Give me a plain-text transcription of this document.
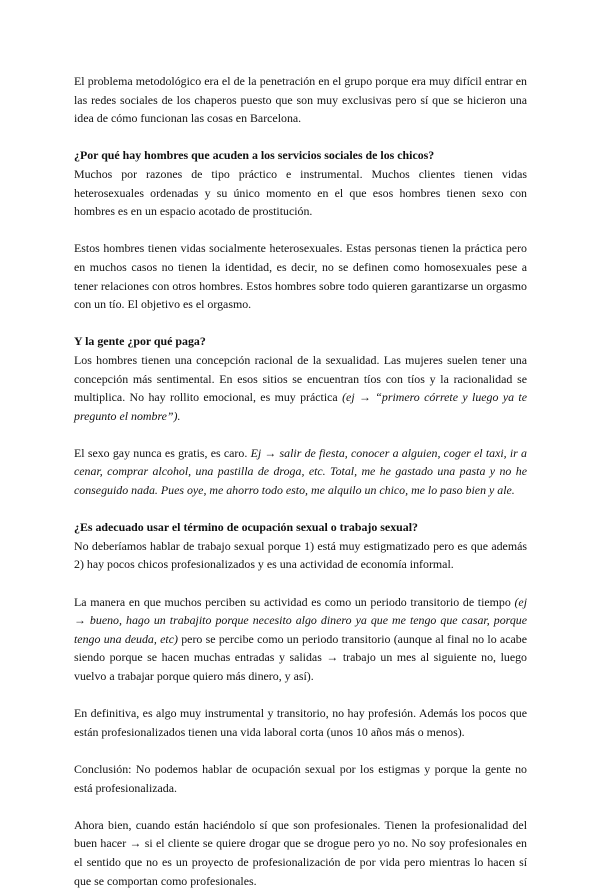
El problema metodológico era el de la penetración en el grupo porque era muy difícil entrar en las redes sociales de los chaperos puesto que son muy exclusivas pero sí que se hicieron una idea de cómo funcionan las cosas en Barcelona.

¿Por qué hay hombres que acuden a los servicios sociales de los chicos?

Muchos por razones de tipo práctico e instrumental. Muchos clientes tienen vidas heterosexuales ordenadas y su único momento en el que esos hombres tienen sexo con hombres es en un espacio acotado de prostitución.

Estos hombres tienen vidas socialmente heterosexuales. Estas personas tienen la práctica pero en muchos casos no tienen la identidad, es decir, no se definen como homosexuales pese a tener relaciones con otros hombres. Estos hombres sobre todo quieren garantizarse un orgasmo con un tío. El objetivo es el orgasmo.

Y la gente ¿por qué paga?

Los hombres tienen una concepción racional de la sexualidad. Las mujeres suelen tener una concepción más sentimental. En esos sitios se encuentran tíos con tíos y la racionalidad se multiplica. No hay rollito emocional, es muy práctica (ej → “primero córrete y luego ya te pregunto el nombre”).

El sexo gay nunca es gratis, es caro. Ej → salir de fiesta, conocer a alguien, coger el taxi, ir a cenar, comprar alcohol, una pastilla de droga, etc. Total, me he gastado una pasta y no he conseguido nada. Pues oye, me ahorro todo esto, me alquilo un chico, me lo paso bien y ale.

¿Es adecuado usar el término de ocupación sexual o trabajo sexual?

No deberíamos hablar de trabajo sexual porque 1) está muy estigmatizado pero es que además 2) hay pocos chicos profesionalizados y es una actividad de economía informal.

La manera en que muchos perciben su actividad es como un periodo transitorio de tiempo (ej → bueno, hago un trabajito porque necesito algo dinero ya que me tengo que casar, porque tengo una deuda, etc) pero se percibe como un periodo transitorio (aunque al final no lo acabe siendo porque se hacen muchas entradas y salidas → trabajo un mes al siguiente no, luego vuelvo a trabajar porque quiero más dinero, y así).

En definitiva, es algo muy instrumental y transitorio, no hay profesión. Además los pocos que están profesionalizados tienen una vida laboral corta (unos 10 años más o menos).

Conclusión: No podemos hablar de ocupación sexual por los estigmas y porque la gente no está profesionalizada.

Ahora bien, cuando están haciéndolo sí que son profesionales. Tienen la profesionalidad del buen hacer → si el cliente se quiere drogar que se drogue pero yo no. No soy profesionales en el sentido que no es un proyecto de profesionalización de por vida pero mientras lo hacen sí que se comportan como profesionales.
